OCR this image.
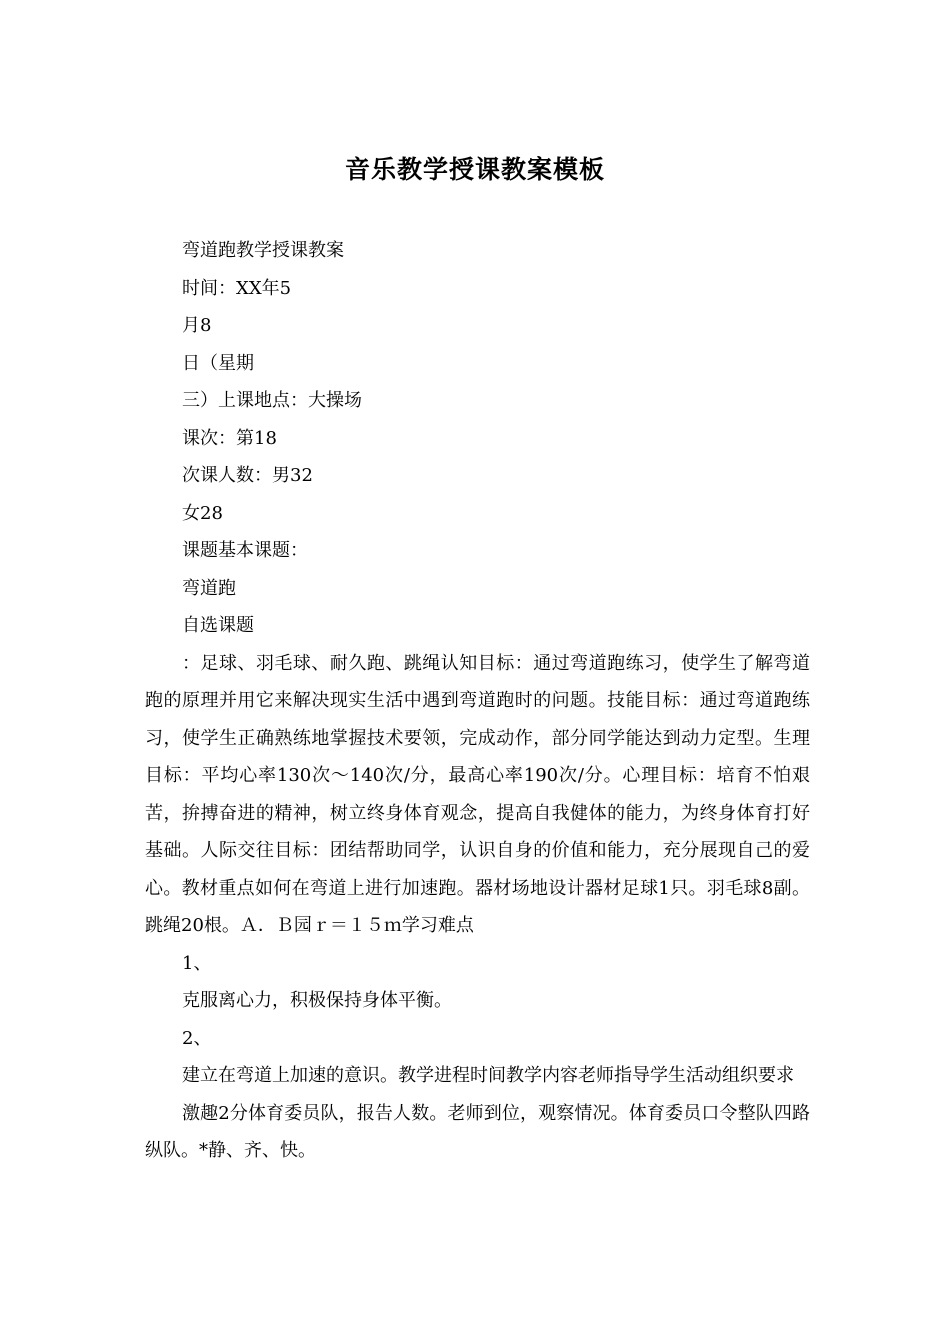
音乐教学授课教案模板
弯道跑教学授课教案
时间：XX年5
月8
日（星期
三）上课地点：大操场
课次：第18
次课人数：男32
女28
课题基本课题：
弯道跑
自选课题

：足球、羽毛球、耐久跑、跳绳认知目标：通过弯道跑练习，使学生了解弯道跑的原理并用它来解决现实生活中遇到弯道跑时的问题。技能目标：通过弯道跑练习，使学生正确熟练地掌握技术要领，完成动作，部分同学能达到动力定型。生理目标：平均心率130次～140次/分，最高心率190次/分。心理目标：培育不怕艰苦，拚搏奋进的精神，树立终身体育观念，提高自我健体的能力，为终身体育打好基础。人际交往目标：团结帮助同学，认识自身的价值和能力，充分展现自己的爱心。教材重点如何在弯道上进行加速跑。器材场地设计器材足球1只。羽毛球8副。跳绳20根。Ａ．Ｂ园ｒ＝１５ｍ学习难点

1、
克服离心力，积极保持身体平衡。
2、

建立在弯道上加速的意识。教学进程时间教学内容老师指导学生活动组织要求

激趣2分体育委员队，报告人数。老师到位，观察情况。体育委员口令整队四路纵队。*静、齐、快。
